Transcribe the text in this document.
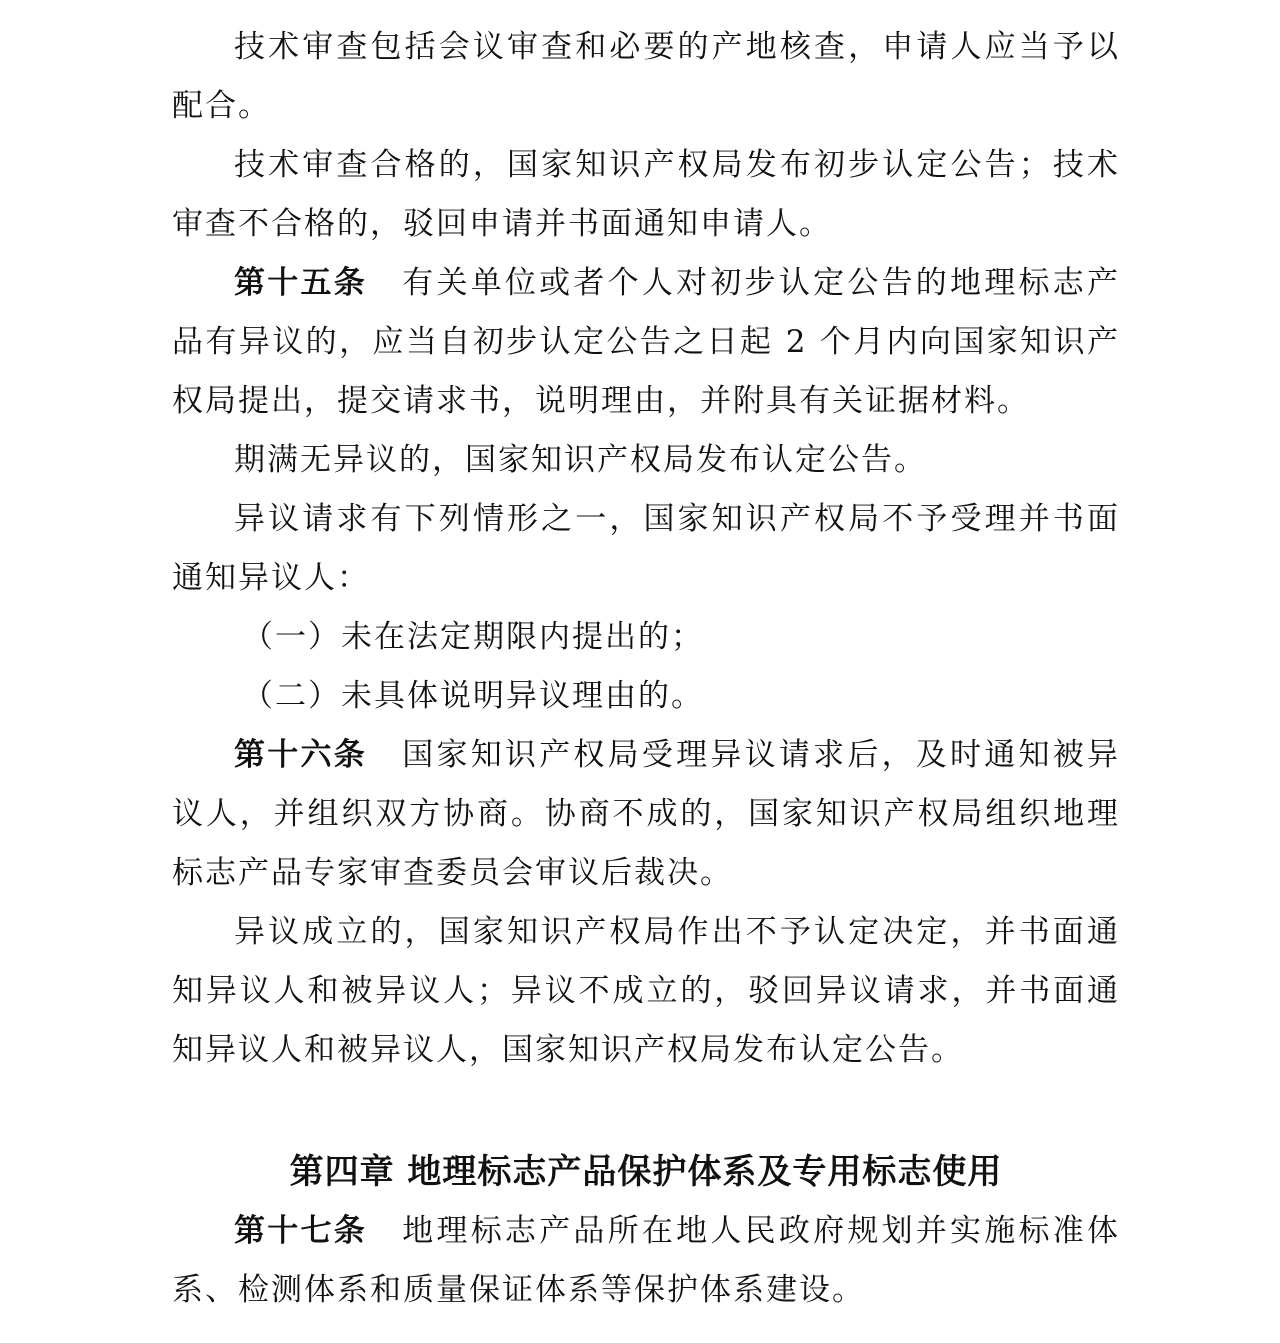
技术审查包括会议审查和必要的产地核查，申请人应当予以配合。

技术审查合格的，国家知识产权局发布初步认定公告；技术审查不合格的，驳回申请并书面通知申请人。

第十五条 有关单位或者个人对初步认定公告的地理标志产品有异议的，应当自初步认定公告之日起 2 个月内向国家知识产权局提出，提交请求书，说明理由，并附具有关证据材料。

期满无异议的，国家知识产权局发布认定公告。

异议请求有下列情形之一，国家知识产权局不予受理并书面通知异议人：

（一）未在法定期限内提出的；

（二）未具体说明异议理由的。

第十六条 国家知识产权局受理异议请求后，及时通知被异议人，并组织双方协商。协商不成的，国家知识产权局组织地理标志产品专家审查委员会审议后裁决。

异议成立的，国家知识产权局作出不予认定决定，并书面通知异议人和被异议人；异议不成立的，驳回异议请求，并书面通知异议人和被异议人，国家知识产权局发布认定公告。

第四章 地理标志产品保护体系及专用标志使用

第十七条 地理标志产品所在地人民政府规划并实施标准体系、检测体系和质量保证体系等保护体系建设。
